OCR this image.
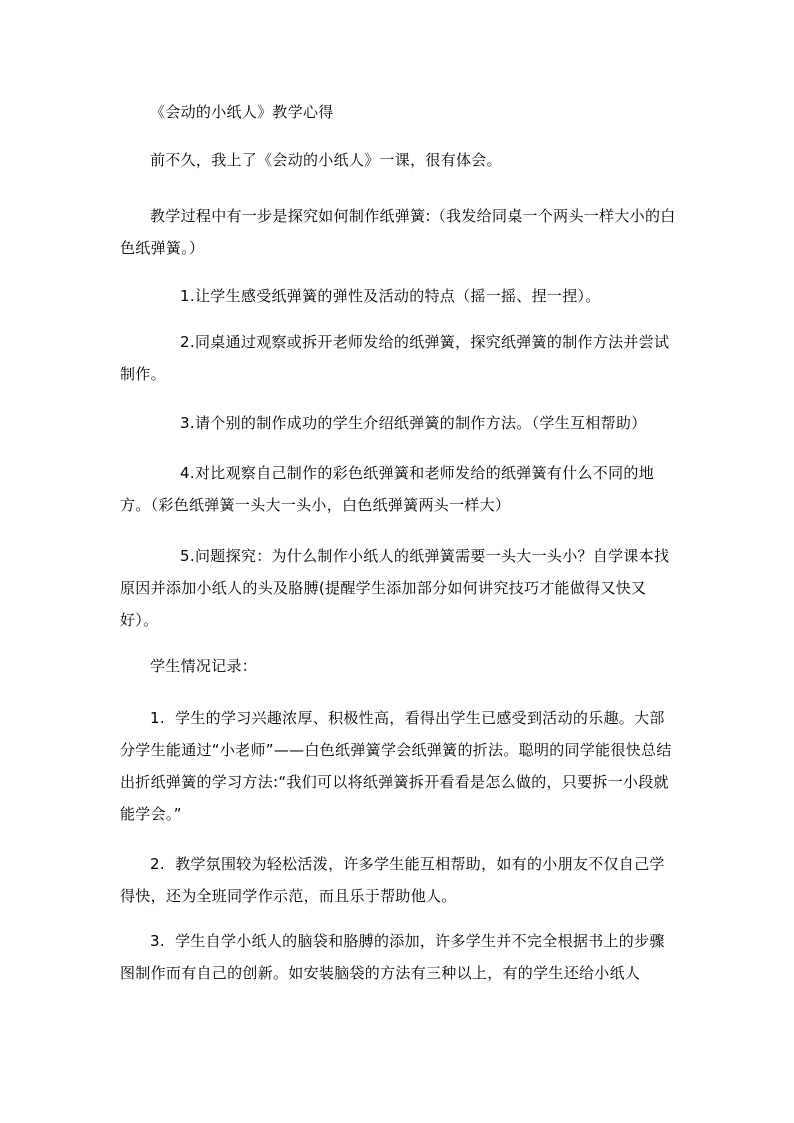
《会动的小纸人》教学心得

前不久，我上了《会动的小纸人》一课，很有体会。

教学过程中有一步是探究如何制作纸弹簧:（我发给同桌一个两头一样大小的白色纸弹簧。）

1.让学生感受纸弹簧的弹性及活动的特点（摇一摇、捏一捏）。

2.同桌通过观察或拆开老师发给的纸弹簧，探究纸弹簧的制作方法并尝试制作。

3.请个别的制作成功的学生介绍纸弹簧的制作方法。（学生互相帮助）

4.对比观察自己制作的彩色纸弹簧和老师发给的纸弹簧有什么不同的地方。（彩色纸弹簧一头大一头小，白色纸弹簧两头一样大）

5.问题探究：为什么制作小纸人的纸弹簧需要一头大一头小？自学课本找原因并添加小纸人的头及胳膊(提醒学生添加部分如何讲究技巧才能做得又快又好）。

学生情况记录：

1. 学生的学习兴趣浓厚、积极性高，看得出学生已感受到活动的乐趣。大部分学生能通过“小老师”——白色纸弹簧学会纸弹簧的折法。聪明的同学能很快总结出折纸弹簧的学习方法:“我们可以将纸弹簧拆开看看是怎么做的，只要拆一小段就能学会。”

2. 教学氛围较为轻松活泼，许多学生能互相帮助，如有的小朋友不仅自己学得快，还为全班同学作示范，而且乐于帮助他人。

3. 学生自学小纸人的脑袋和胳膊的添加，许多学生并不完全根据书上的步骤图制作而有自己的创新。如安装脑袋的方法有三种以上，有的学生还给小纸人
